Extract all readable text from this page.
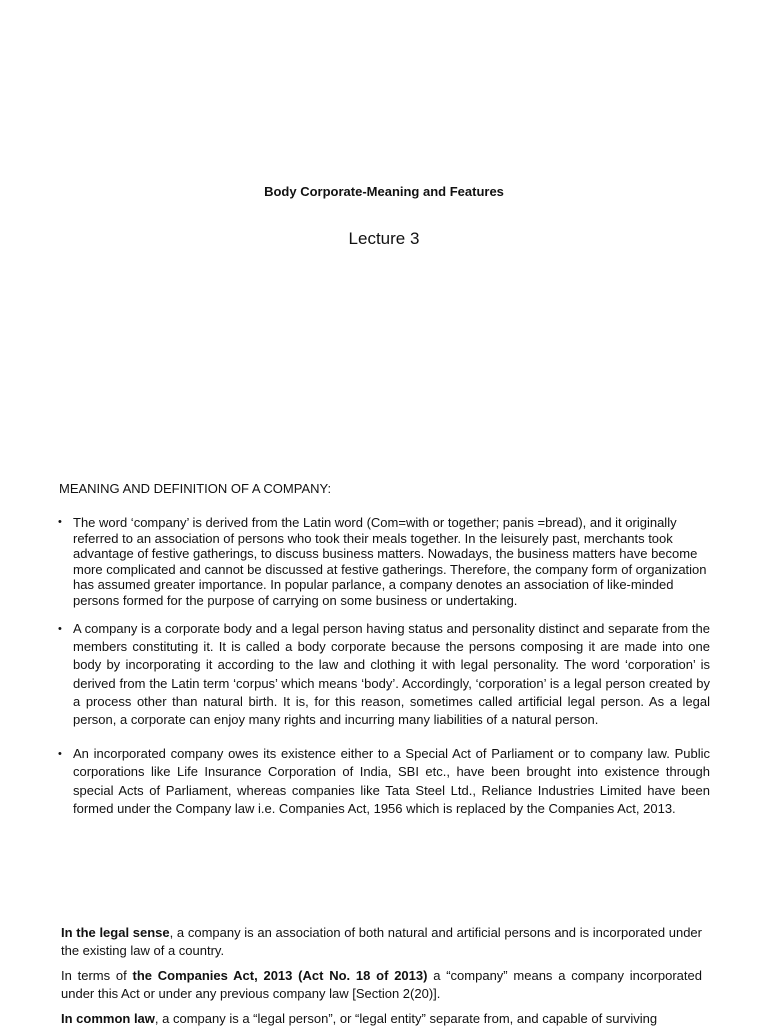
Body Corporate-Meaning and Features
Lecture 3
MEANING AND DEFINITION OF A COMPANY:
• The word ‘company’ is derived from the Latin word (Com=with or together; panis =bread), and it originally referred to an association of persons who took their meals together. In the leisurely past, merchants took advantage of festive gatherings, to discuss business matters. Nowadays, the business matters have become more complicated and cannot be discussed at festive gatherings. Therefore, the company form of organization has assumed greater importance. In popular parlance, a company denotes an association of like-minded persons formed for the purpose of carrying on some business or undertaking.
• A company is a corporate body and a legal person having status and personality distinct and separate from the members constituting it. It is called a body corporate because the persons composing it are made into one body by incorporating it according to the law and clothing it with legal personality. The word ‘corporation’ is derived from the Latin term ‘corpus’ which means ‘body’. Accordingly, ‘corporation’ is a legal person created by a process other than natural birth. It is, for this reason, sometimes called artificial legal person. As a legal person, a corporate can enjoy many rights and incurring many liabilities of a natural person.
• An incorporated company owes its existence either to a Special Act of Parliament or to company law. Public corporations like Life Insurance Corporation of India, SBI etc., have been brought into existence through special Acts of Parliament, whereas companies like Tata Steel Ltd., Reliance Industries Limited have been formed under the Company law i.e. Companies Act, 1956 which is replaced by the Companies Act, 2013.

In the legal sense, a company is an association of both natural and artificial persons and is incorporated under the existing law of a country.

In terms of the Companies Act, 2013 (Act No. 18 of 2013) a “company” means a company incorporated under this Act or under any previous company law [Section 2(20)].

In common law, a company is a “legal person”, or “legal entity” separate from, and capable of surviving
